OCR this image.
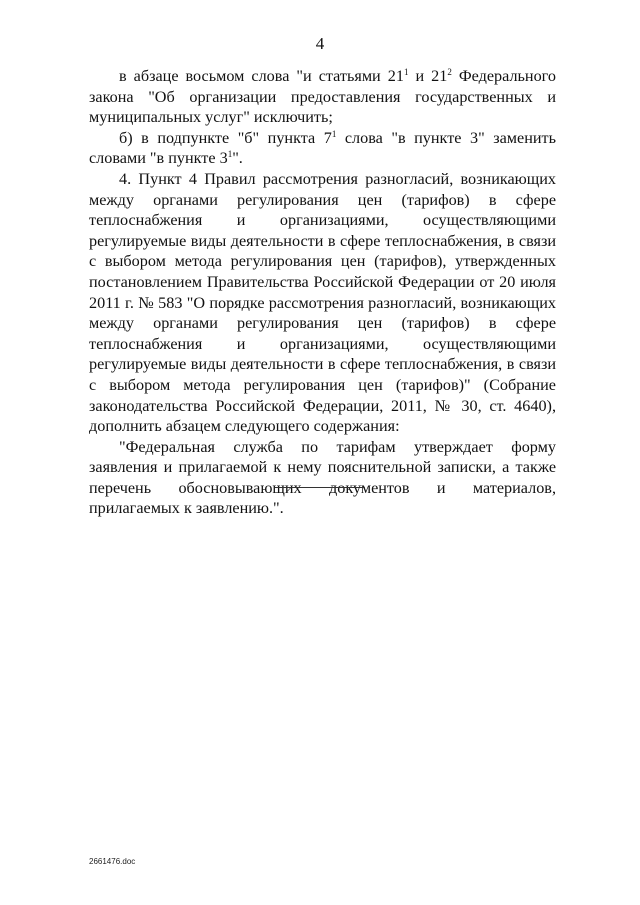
4

в абзаце восьмом слова "и статьями $21^1$ и $21^2$ Федерального закона "Об организации предоставления государственных и муниципальных услуг" исключить;

б) в подпункте "б" пункта $7^1$ слова "в пункте 3" заменить словами "в пункте $3^1$".

4. Пункт 4 Правил рассмотрения разногласий, возникающих между органами регулирования цен (тарифов) в сфере теплоснабжения и организациями, осуществляющими регулируемые виды деятельности в сфере теплоснабжения, в связи с выбором метода регулирования цен (тарифов), утвержденных постановлением Правительства Российской Федерации от 20 июля 2011 г. № 583 "О порядке рассмотрения разногласий, возникающих между органами регулирования цен (тарифов) в сфере теплоснабжения и организациями, осуществляющими регулируемые виды деятельности в сфере теплоснабжения, в связи с выбором метода регулирования цен (тарифов)" (Собрание законодательства Российской Федерации, 2011, № 30, ст. 4640), дополнить абзацем следующего содержания:

"Федеральная служба по тарифам утверждает форму заявления и прилагаемой к нему пояснительной записки, а также перечень обосновывающих документов и материалов, прилагаемых к заявлению.".

2661476.doc
